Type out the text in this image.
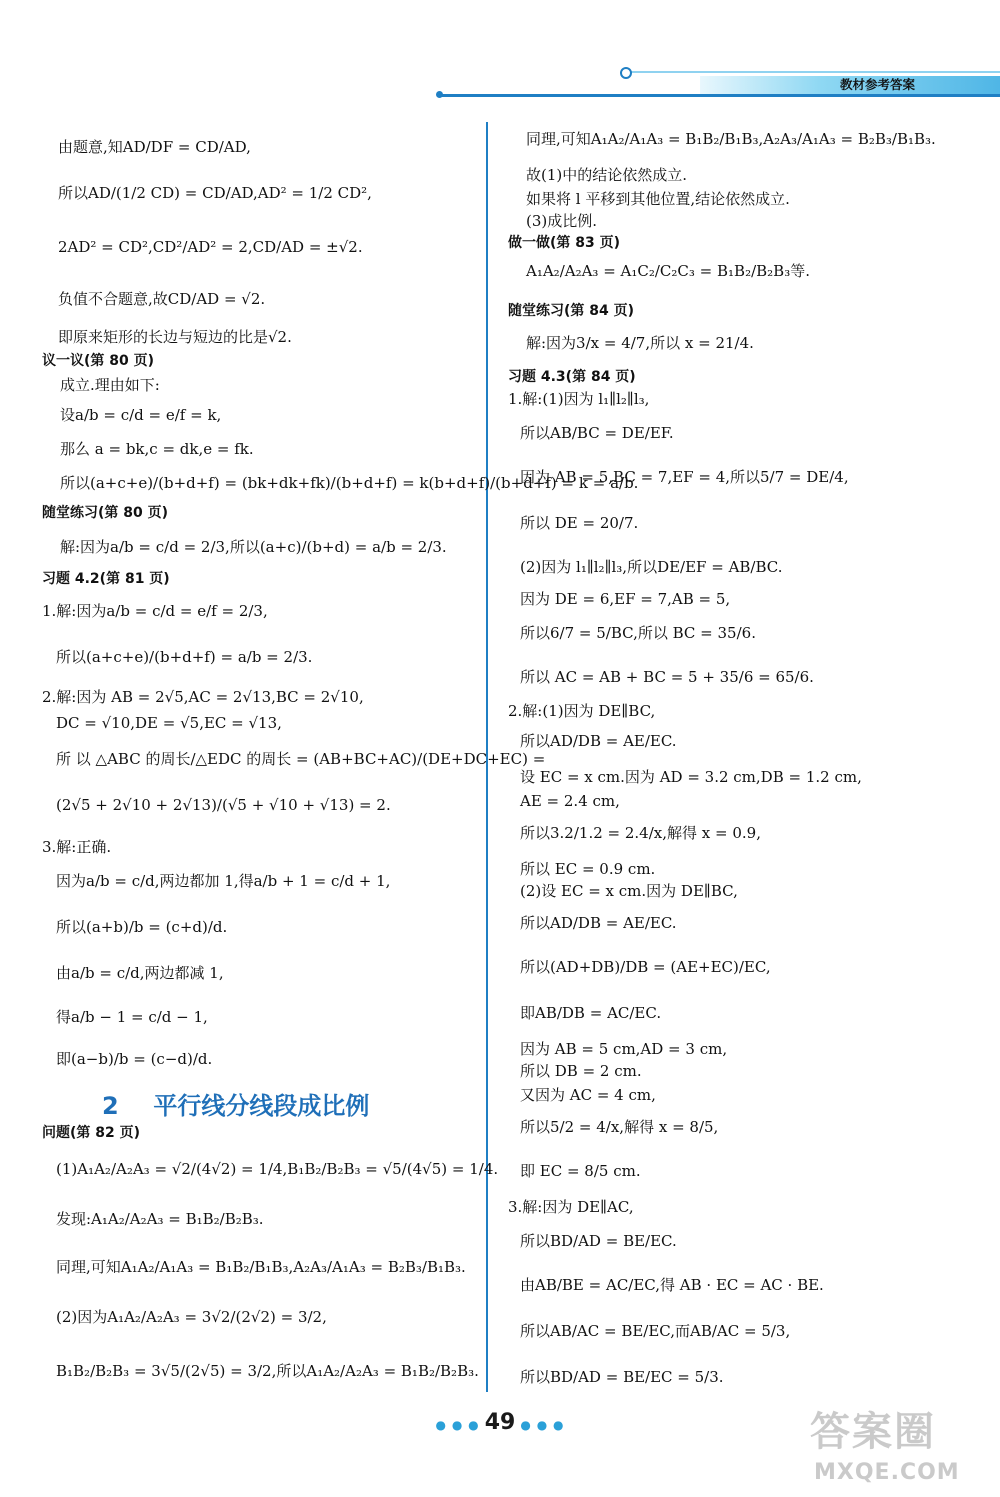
教材参考答案
由题意,知AD/DF = CD/AD,
所以AD/(1/2 CD) = CD/AD,AD² = 1/2 CD²,
2AD² = CD²,CD²/AD² = 2,CD/AD = ±√2.
负值不合题意,故CD/AD = √2.
即原来矩形的长边与短边的比是√2.
议一议(第 80 页)
成立.理由如下:
设a/b = c/d = e/f = k,
那么 a = bk,c = dk,e = fk.
所以(a+c+e)/(b+d+f) = (bk+dk+fk)/(b+d+f) = k(b+d+f)/(b+d+f) = k = a/b.
随堂练习(第 80 页)
解:因为a/b = c/d = 2/3,所以(a+c)/(b+d) = a/b = 2/3.
习题 4.2(第 81 页)
1.解:因为a/b = c/d = e/f = 2/3,
所以(a+c+e)/(b+d+f) = a/b = 2/3.
2.解:因为 AB = 2√5,AC = 2√13,BC = 2√10,
DC = √10,DE = √5,EC = √13,
所 以 △ABC 的周长/△EDC 的周长 = (AB+BC+AC)/(DE+DC+EC) =
(2√5 + 2√10 + 2√13)/(√5 + √10 + √13) = 2.
3.解:正确.
因为a/b = c/d,两边都加 1,得a/b + 1 = c/d + 1,
所以(a+b)/b = (c+d)/d.
由a/b = c/d,两边都减 1,
得a/b − 1 = c/d − 1,
即(a−b)/b = (c−d)/d.
2 平行线分线段成比例
问题(第 82 页)
(1)A₁A₂/A₂A₃ = √2/(4√2) = 1/4,B₁B₂/B₂B₃ = √5/(4√5) = 1/4.
发现:A₁A₂/A₂A₃ = B₁B₂/B₂B₃.
同理,可知A₁A₂/A₁A₃ = B₁B₂/B₁B₃,A₂A₃/A₁A₃ = B₂B₃/B₁B₃.
(2)因为A₁A₂/A₂A₃ = 3√2/(2√2) = 3/2,
B₁B₂/B₂B₃ = 3√5/(2√5) = 3/2,所以A₁A₂/A₂A₃ = B₁B₂/B₂B₃.
同理,可知A₁A₂/A₁A₃ = B₁B₂/B₁B₃,A₂A₃/A₁A₃ = B₂B₃/B₁B₃.
故(1)中的结论依然成立.
如果将 l 平移到其他位置,结论依然成立.
(3)成比例.
做一做(第 83 页)
A₁A₂/A₂A₃ = A₁C₂/C₂C₃ = B₁B₂/B₂B₃等.
随堂练习(第 84 页)
解:因为3/x = 4/7,所以 x = 21/4.
习题 4.3(第 84 页)
1.解:(1)因为 l₁∥l₂∥l₃,
所以AB/BC = DE/EF.
因为 AB = 5,BC = 7,EF = 4,所以5/7 = DE/4,
所以 DE = 20/7.
(2)因为 l₁∥l₂∥l₃,所以DE/EF = AB/BC.
因为 DE = 6,EF = 7,AB = 5,
所以6/7 = 5/BC,所以 BC = 35/6.
所以 AC = AB + BC = 5 + 35/6 = 65/6.
2.解:(1)因为 DE∥BC,
所以AD/DB = AE/EC.
设 EC = x cm.因为 AD = 3.2 cm,DB = 1.2 cm,
AE = 2.4 cm,
所以3.2/1.2 = 2.4/x,解得 x = 0.9,
所以 EC = 0.9 cm.
(2)设 EC = x cm.因为 DE∥BC,
所以AD/DB = AE/EC.
所以(AD+DB)/DB = (AE+EC)/EC,
即AB/DB = AC/EC.
因为 AB = 5 cm,AD = 3 cm,
所以 DB = 2 cm.
又因为 AC = 4 cm,
所以5/2 = 4/x,解得 x = 8/5,
即 EC = 8/5 cm.
3.解:因为 DE∥AC,
所以BD/AD = BE/EC.
由AB/BE = AC/EC,得 AB · EC = AC · BE.
所以AB/AC = BE/EC,而AB/AC = 5/3,
所以BD/AD = BE/EC = 5/3.
● ● ● 49 ● ● ●	答案圈
MXQE.COM
